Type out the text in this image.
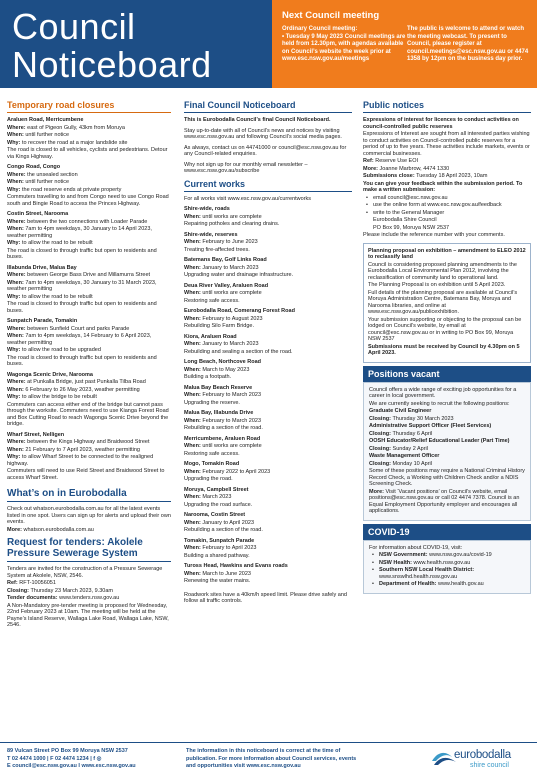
Council
Noticeboard
Next Council meeting
Ordinary Council meeting:
• Tuesday 9 May 2023 Council meetings are held from 12.30pm, with agendas available on Council’s website the week prior at www.esc.nsw.gov.au/meetings
The public is welcome to attend or watch the meeting webcast. To present to Council, please register at council.meetings@esc.nsw.gov.au or 4474 1358 by 12pm on the business day prior.
Temporary road closures
Araluen Road, Merricumbene
Where: east of Pigeon Gully, 43km from Moruya
When: until further notice
Why: to recover the road at a major landslide site
The road is closed to all vehicles, cyclists and pedestrians. Detour via Kings Highway.
Congo Road, Congo
Where: the unsealed section
When: until further notice
Why: the road reserve ends at private property
Commuters travelling to and from Congo need to use Congo Road south and Bingie Road to access the Princes Highway.
Costin Street, Narooma
Where: between the two connections with Loader Parade
When: 7am to 4pm weekdays, 30 January to 14 April 2023, weather permitting
Why: to allow the road to be rebuilt
The road is closed to through traffic but open to residents and buses.
Illabunda Drive, Malua Bay
Where: between George Bass Drive and Millamurra Street
When: 7am to 4pm weekdays, 30 January to 31 March 2023, weather permitting
Why: to allow the road to be rebuilt
The road is closed to through traffic but open to residents and buses.
Sunpatch Parade, Tomakin
Where: between Sunfield Court and parks Parade
When: 7am to 4pm weekdays, 14 February to 6 April 2023, weather permitting
Why: to allow the road to be upgraded
The road is closed to through traffic but open to residents and buses.
Wagonga Scenic Drive, Narooma
Where: at Punkalla Bridge, just past Punkalla Tilba Road
When: 6 February to 26 May 2023, weather permitting
Why: to allow the bridge to be rebuilt
Commuters can access either end of the bridge but cannot pass through the worksite. Commuters need to use Kianga Forest Road and Box Cutting Road to reach Wagonga Scenic Drive beyond the bridge.
Wharf Street, Nelligen
Where: between the Kings Highway and Braidwood Street
When: 21 February to 7 April 2023, weather permitting
Why: to allow Wharf Street to be connected to the realigned highway.
Commuters will need to use Reid Street and Braidwood Street to access Wharf Street.
What’s on in Eurobodalla
Check out whatson.eurobodalla.com.au for all the latest events listed in one spot. Users can sign up for alerts and upload their own events.
More: whatson.eurobodalla.com.au
Request for tenders: Akolele Pressure Sewerage System
Tenders are invited for the construction of a Pressure Sewerage System at Akolele, NSW, 2546.
Ref: RFT-10056051
Closing: Thursday 23 March 2023, 9.30am
Tender documents: www.tenders.nsw.gov.au
A Non-Mandatory pre-tender meeting is proposed for Wednesday, 22nd February 2023 at 10am. The meeting will be held at the Payne’s Island Reserve, Wallaga Lake Road, Wallaga Lake, NSW, 2546.
Final Council Noticeboard
This is Eurobodalla Council’s final Council Noticeboard.
Stay up-to-date with all of Council’s news and notices by visiting www.esc.nsw.gov.au and following Council’s social media pages.
As always, contact us on 44741000 or council@esc.nsw.gov.au for any Council-related enquiries.
Why not sign up for our monthly email newsletter – www.esc.nsw.gov.au/subscribe
Current works
For all works visit www.esc.nsw.gov.au/currentworks
Shire-wide, roads
When: until works are complete
Repairing potholes and clearing drains.
Shire-wide, reserves
When: February to June 2023
Treating fire-affected trees.
Batemans Bay, Golf Links Road
When: January to March 2023
Upgrading water and drainage infrastructure.
Deua River Valley, Araluen Road
When: until works are complete
Restoring safe access.
Eurobodalla Road, Comerang Forest Road
When: February to August 2023
Rebuilding Silo Farm Bridge.
Kiora, Araluen Road
When: January to March 2023
Rebuilding and sealing a section of the road.
Long Beach, Northcove Road
When: March to May 2023
Building a footpath.
Malua Bay Beach Reserve
When: February to March 2023
Upgrading the reserve.
Malua Bay, Illabunda Drive
When: February to March 2023
Rebuilding a section of the road.
Merricumbene, Araluen Road
When: until works are complete
Restoring safe access.
Mogo, Tomakin Road
When: February 2022 to April 2023
Upgrading the road.
Moruya, Campbell Street
When: March 2023
Upgrading the road surface.
Narooma, Costin Street
When: January to April 2023
Rebuilding a section of the road.
Tomakin, Sunpatch Parade
When: February to April 2023
Building a shared pathway.
Tuross Head, Hawkins and Evans roads
When: March to June 2023
Renewing the water mains.
Roadwork sites have a 40km/h speed limit. Please drive safely and follow all traffic controls.
Public notices
Expressions of interest for licences to conduct activities on council-controlled public reserves
Expressions of Interest are sought from all interested parties wishing to conduct activities on Council-controlled public reserves for a period of up to five years. These activities include markets, events or commercial businesses.
Ref: Reserve Use EOI
More: Joanne Marbrow, 4474 1330
Submissions close: Tuesday 18 April 2023, 10am
You can give your feedback within the submission period. To make a written submission:
• email council@esc.nsw.gov.au
• use the online form at www.esc.nsw.gov.au/feedback
• write to the General Manager
Eurobodalla Shire Council
PO Box 99, Moruya NSW 2537
Please include the reference number with your comments.
Planning proposal on exhibition – amendment to ELEO 2012 to reclassify land
Council is considering proposed planning amendments to the Eurobodalla Local Environmental Plan 2012, involving the reclassification of community land to operational land.
The Planning Proposal is on exhibition until 5 April 2023.
Full details of the planning proposal are available at Council’s Moruya Administration Centre, Batemans Bay, Moruya and Narooma libraries, and online at www.esc.nsw.gov.au/publicexhibition.
Your submission supporting or objecting to the proposal can be lodged on Council’s website, by email at council@esc.nsw.gov.au or in writing to PO Box 99, Moruya NSW 2537
Submissions must be received by Council by 4.30pm on 5 April 2023.
Positions vacant
Council offers a wide range of exciting job opportunities for a career in local government.
We are currently seeking to recruit the following positions:
Graduate Civil Engineer
Closing: Thursday 30 March 2023
Administrative Support Officer (Fleet Services)
Closing: Thursday 6 April
OOSH Educator/Relief Educational Leader (Part Time)
Closing: Sunday 2 April
Waste Management Officer
Closing: Monday 10 April
Some of these positions may require a National Criminal History Record Check, a Working with Children Check and/or a NDIS Screening Check.
More: Visit ‘Vacant positions’ on Council’s website, email positions@esc.nsw.gov.au or call 02 4474 7378. Council is an Equal Employment Opportunity employer and encourages all applications.
COVID-19
For information about COVID-19, visit:
• NSW Government: www.nsw.gov.au/covid-19
• NSW Health: www.health.nsw.gov.au
• Southern NSW Local Health District: www.snswlhd.health.nsw.gov.au
• Department of Health: www.health.gov.au
89 Vulcan Street PO Box 99 Moruya NSW 2537
T 02 4474 1000 | F 02 4474 1234 | f ◎
E council@esc.nsw.gov.au I www.esc.nsw.gov.au
The information in this noticeboard is correct at the time of publication. For more information about Council services, events and opportunities visit www.esc.nsw.gov.au
eurobodalla
shire council
